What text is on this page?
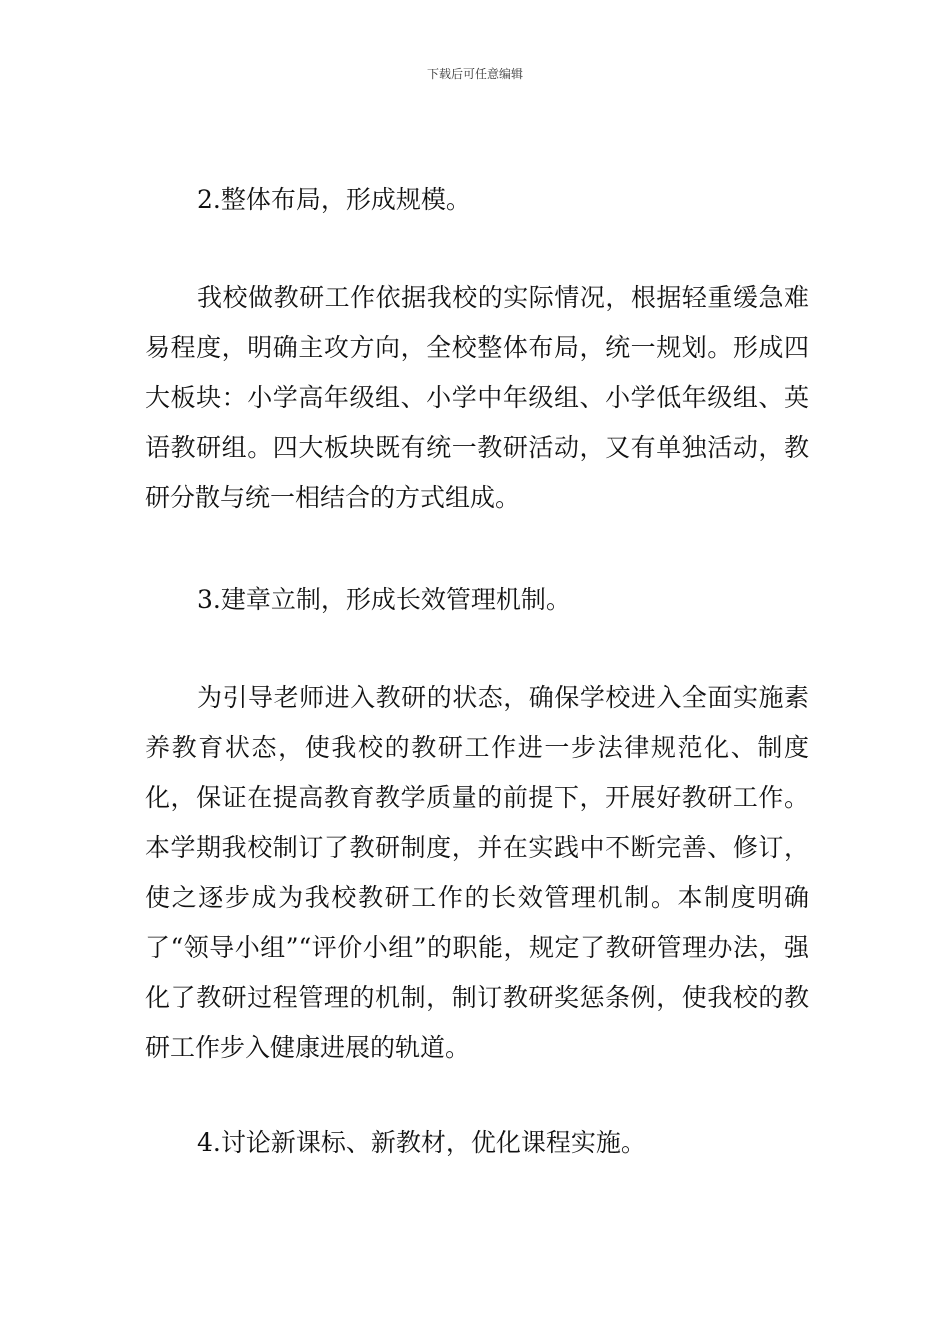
下载后可任意编辑
2.整体布局，形成规模。
我校做教研工作依据我校的实际情况，根据轻重缓急难易程度，明确主攻方向，全校整体布局，统一规划。形成四大板块：小学高年级组、小学中年级组、小学低年级组、英语教研组。四大板块既有统一教研活动，又有单独活动，教研分散与统一相结合的方式组成。
3.建章立制，形成长效管理机制。
为引导老师进入教研的状态，确保学校进入全面实施素养教育状态，使我校的教研工作进一步法律规范化、制度化，保证在提高教育教学质量的前提下，开展好教研工作。本学期我校制订了教研制度，并在实践中不断完善、修订，使之逐步成为我校教研工作的长效管理机制。本制度明确了“领导小组”“评价小组”的职能，规定了教研管理办法，强化了教研过程管理的机制，制订教研奖惩条例，使我校的教研工作步入健康进展的轨道。
4.讨论新课标、新教材，优化课程实施。
